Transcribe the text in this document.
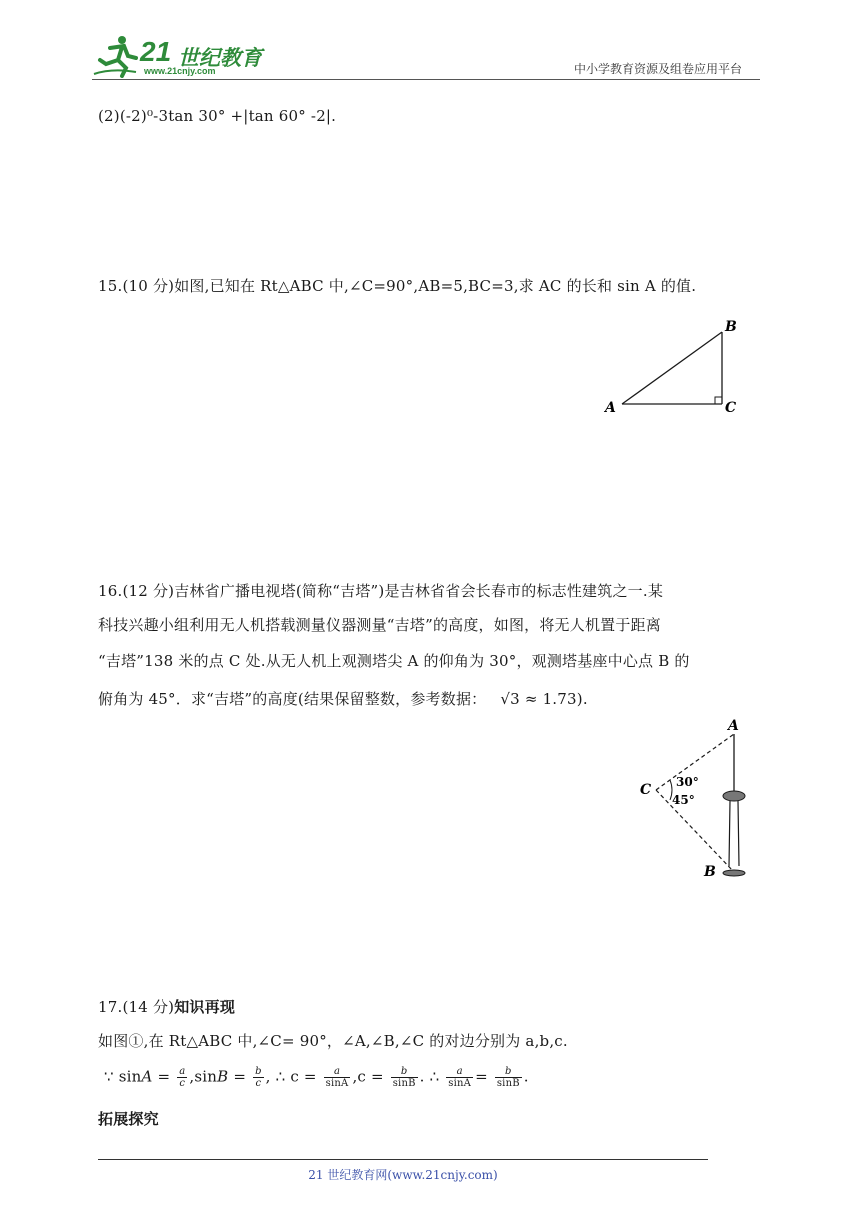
21 世纪教育
www.21cnjy.com	中小学教育资源及组卷应用平台
(2)(-2)⁰-3tan 30° +|tan 60° -2|.
15.(10 分)如图,已知在 Rt△ABC 中,∠C=90°,AB=5,BC=3,求 AC 的长和 sin A 的值.
A
B
C
16.(12 分)吉林省广播电视塔(简称“吉塔”)是吉林省省会长春市的标志性建筑之一.某
科技兴趣小组利用无人机搭载测量仪器测量“吉塔”的高度，如图，将无人机置于距离
“吉塔”138 米的点 C 处.从无人机上观测塔尖 A 的仰角为 30°，观测塔基座中心点 B 的
俯角为 45°．求“吉塔”的高度(结果保留整数，参考数据： √3 ≈ 1.73).
A
B
C 30°
45°
17.(14 分)知识再现
如图①,在 Rt△ABC 中,∠C= 90°，∠A,∠B,∠C 的对边分别为 a,b,c.
∵ $\sin A = \frac{a}{c} ,\sin B = \frac{b}{c}$ , ∴ $c = \frac{a}{\sin A} ,c = \frac{b}{\sin B}$ . ∴ $\frac{a}{\sin A} = \frac{b}{\sin B}$ .
拓展探究
21 世纪教育网(www.21cnjy.com)
